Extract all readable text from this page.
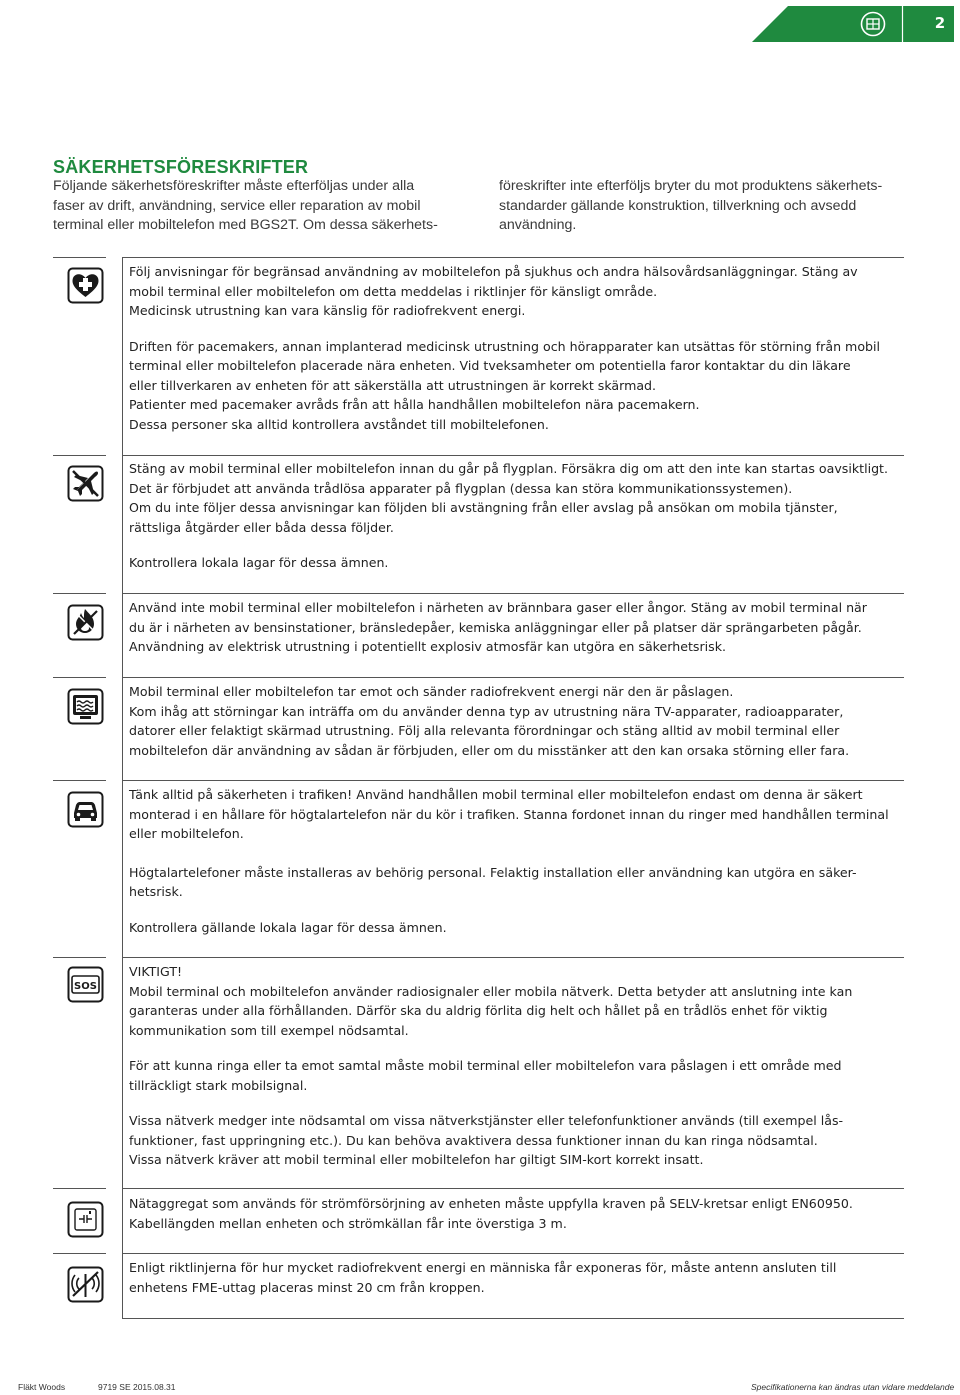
2
SÄKERHETSFÖRESKRIFTER
Följande säkerhetsföreskrifter måste efterföljas under alla
faser av drift, användning, service eller reparation av mobil
terminal eller mobiltelefon med BGS2T. Om dessa säkerhets-
föreskrifter inte efterföljs bryter du mot produktens säkerhets-
standarder gällande konstruktion, tillverkning och avsedd
användning.
SOS

Följ anvisningar för begränsad användning av mobiltelefon på sjukhus och andra hälsovårdsanläggningar. Stäng av
mobil terminal eller mobiltelefon om detta meddelas i riktlinjer för känsligt område.
Medicinsk utrustning kan vara känslig för radiofrekvent energi.

Driften för pacemakers, annan implanterad medicinsk utrustning och hörapparater kan utsättas för störning från mobil
terminal eller mobiltelefon placerade nära enheten. Vid tveksamheter om potentiella faror kontaktar du din läkare
eller tillverkaren av enheten för att säkerställa att utrustningen är korrekt skärmad.
Patienter med pacemaker avråds från att hålla handhållen mobiltelefon nära pacemakern.
Dessa personer ska alltid kontrollera avståndet till mobiltelefonen.

Stäng av mobil terminal eller mobiltelefon innan du går på flygplan. Försäkra dig om att den inte kan startas oavsiktligt.
Det är förbjudet att använda trådlösa apparater på flygplan (dessa kan störa kommunikationssystemen).
Om du inte följer dessa anvisningar kan följden bli avstängning från eller avslag på ansökan om mobila tjänster,
rättsliga åtgärder eller båda dessa följder.

Kontrollera lokala lagar för dessa ämnen.

Använd inte mobil terminal eller mobiltelefon i närheten av brännbara gaser eller ångor. Stäng av mobil terminal när
du är i närheten av bensinstationer, bränsledepåer, kemiska anläggningar eller på platser där sprängarbeten pågår.
Användning av elektrisk utrustning i potentiellt explosiv atmosfär kan utgöra en säkerhetsrisk.

Mobil terminal eller mobiltelefon tar emot och sänder radiofrekvent energi när den är påslagen.
Kom ihåg att störningar kan inträffa om du använder denna typ av utrustning nära TV-apparater, radioapparater,
datorer eller felaktigt skärmad utrustning. Följ alla relevanta förordningar och stäng alltid av mobil terminal eller
mobiltelefon där användning av sådan är förbjuden, eller om du misstänker att den kan orsaka störning eller fara.

Tänk alltid på säkerheten i trafiken! Använd handhållen mobil terminal eller mobiltelefon endast om denna är säkert
monterad i en hållare för högtalartelefon när du kör i trafiken. Stanna fordonet innan du ringer med handhållen terminal
eller mobiltelefon.

Högtalartelefoner måste installeras av behörig personal. Felaktig installation eller användning kan utgöra en säker-
hetsrisk.

Kontrollera gällande lokala lagar för dessa ämnen.

VIKTIGT!
Mobil terminal och mobiltelefon använder radiosignaler eller mobila nätverk. Detta betyder att anslutning inte kan
garanteras under alla förhållanden. Därför ska du aldrig förlita dig helt och hållet på en trådlös enhet för viktig
kommunikation som till exempel nödsamtal.

För att kunna ringa eller ta emot samtal måste mobil terminal eller mobiltelefon vara påslagen i ett område med
tillräckligt stark mobilsignal.

Vissa nätverk medger inte nödsamtal om vissa nätverkstjänster eller telefonfunktioner används (till exempel lås-
funktioner, fast uppringning etc.). Du kan behöva avaktivera dessa funktioner innan du kan ringa nödsamtal.
Vissa nätverk kräver att mobil terminal eller mobiltelefon har giltigt SIM-kort korrekt insatt.

Nätaggregat som används för strömförsörjning av enheten måste uppfylla kraven på SELV-kretsar enligt EN60950.
Kabellängden mellan enheten och strömkällan får inte överstiga 3 m.

Enligt riktlinjerna för hur mycket radiofrekvent energi en människa får exponeras för, måste antenn ansluten till
enhetens FME-uttag placeras minst 20 cm från kroppen.

Fläkt Woods	9719 SE 2015.08.31	Specifikationerna kan ändras utan vidare meddelande
